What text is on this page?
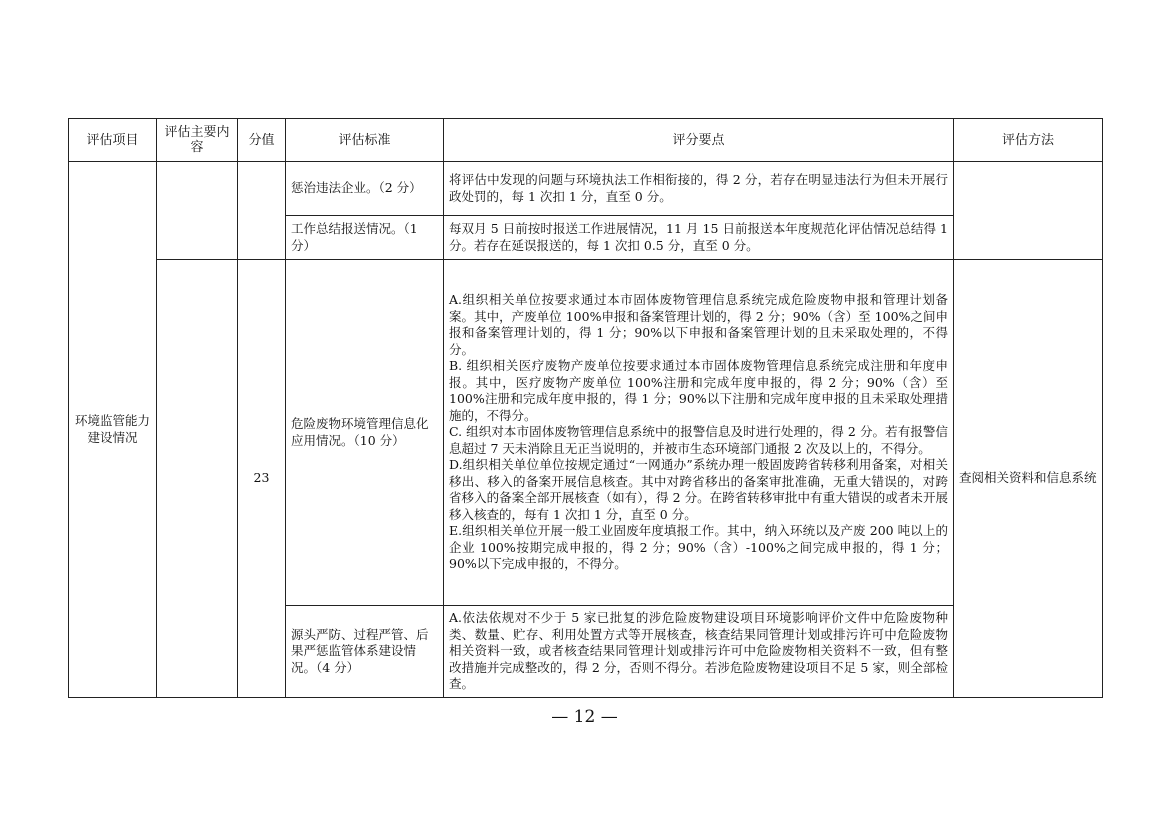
评估项目	评估主要内容	分值	评估标准	评分要点	评估方法
环境监管能力建设情况			惩治违法企业。（2 分）	将评估中发现的问题与环境执法工作相衔接的，得 2 分，若存在明显违法行为但未开展行政处罚的，每 1 次扣 1 分，直至 0 分。	
			工作总结报送情况。（1 分）	每双月 5 日前按时报送工作进展情况，11 月 15 日前报送本年度规范化评估情况总结得 1 分。若存在延误报送的，每 1 次扣 0.5 分，直至 0 分。	
		23	危险废物环境管理信息化应用情况。（10 分）	A.组织相关单位按要求通过本市固体废物管理信息系统完成危险废物申报和管理计划备案。其中，产废单位 100%申报和备案管理计划的，得 2 分；90%（含）至 100%之间申报和备案管理计划的，得 1 分；90%以下申报和备案管理计划的且未采取处理的，不得分。
B. 组织相关医疗废物产废单位按要求通过本市固体废物管理信息系统完成注册和年度申报。其中，医疗废物产废单位 100%注册和完成年度申报的，得 2 分；90%（含）至 100%注册和完成年度申报的，得 1 分；90%以下注册和完成年度申报的且未采取处理措施的，不得分。
C. 组织对本市固体废物管理信息系统中的报警信息及时进行处理的，得 2 分。若有报警信息超过 7 天未消除且无正当说明的，并被市生态环境部门通报 2 次及以上的，不得分。
D.组织相关单位单位按规定通过“一网通办”系统办理一般固废跨省转移利用备案，对相关移出、移入的备案开展信息核查。其中对跨省移出的备案审批准确，无重大错误的，对跨省移入的备案全部开展核查（如有），得 2 分。在跨省转移审批中有重大错误的或者未开展移入核查的，每有 1 次扣 1 分，直至 0 分。
E.组织相关单位开展一般工业固废年度填报工作。其中，纳入环统以及产废 200 吨以上的企业 100%按期完成申报的，得 2 分；90%（含）-100%之间完成申报的，得 1 分；90%以下完成申报的，不得分。	查阅相关资料和信息系统
			源头严防、过程严管、后果严惩监管体系建设情况。（4 分）	A.依法依规对不少于 5 家已批复的涉危险废物建设项目环境影响评价文件中危险废物种类、数量、贮存、利用处置方式等开展核查，核查结果同管理计划或排污许可中危险废物相关资料一致，或者核查结果同管理计划或排污许可中危险废物相关资料不一致，但有整改措施并完成整改的，得 2 分，否则不得分。若涉危险废物建设项目不足 5 家，则全部检查。	
— 12 —
